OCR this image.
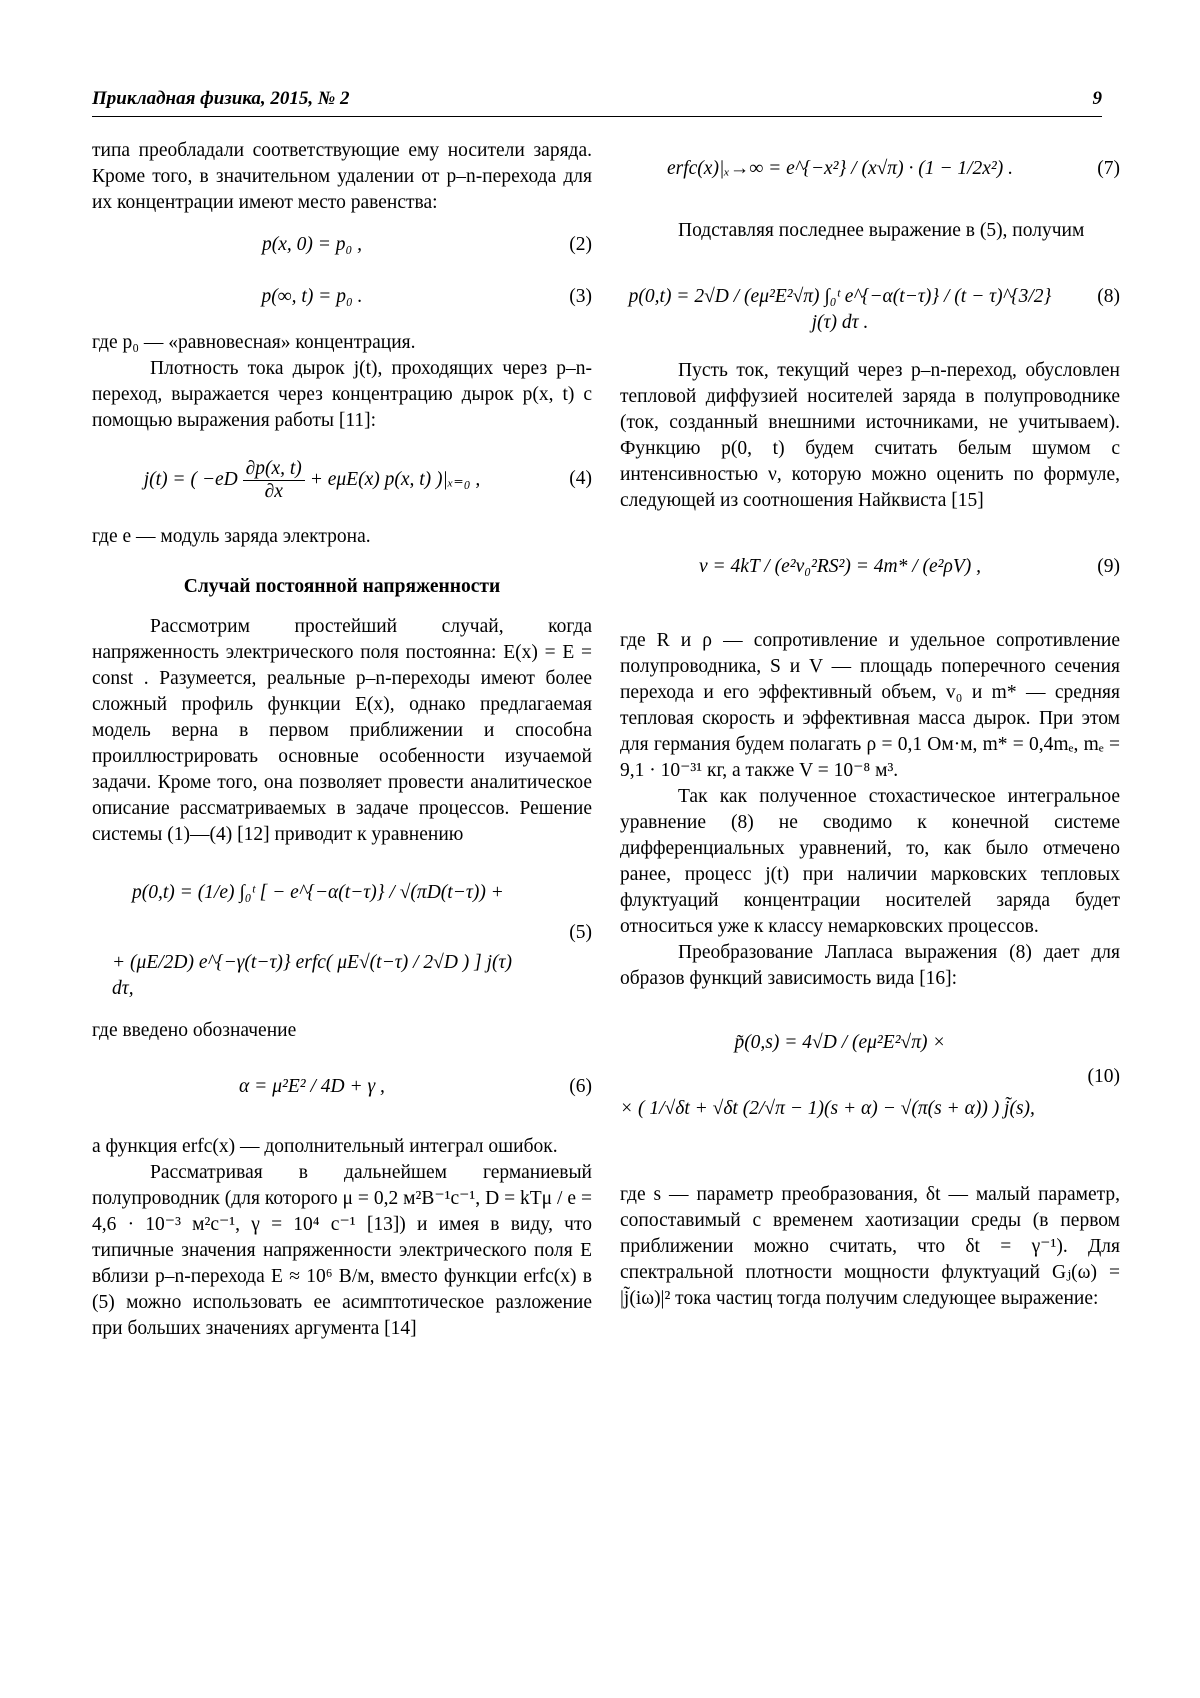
Прикладная физика, 2015, № 2	9

типа преобладали соответствующие ему носители заряда. Кроме того, в значительном удалении от p–n-перехода для их концентрации имеют место равенства:

p(x, 0) = p₀ ,	(2)
p(∞, t) = p₀ .	(3)

где p₀ — «равновесная» концентрация.

Плотность тока дырок j(t), проходящих через p–n-переход, выражается через концентрацию дырок p(x, t) с помощью выражения работы [11]:

j(t) = ( $-eD \frac{\partial p(x, t)}{\partial x} + e\mu E(x)$ p(x, t) )|ₓ₌₀ ,	(4)

где e — модуль заряда электрона.

Случай постоянной напряженности

Рассмотрим простейший случай, когда напряженность электрического поля постоянна: E(x) = E = const . Разумеется, реальные p–n-переходы имеют более сложный профиль функции E(x), однако предлагаемая модель верна в первом приближении и способна проиллюстрировать основные особенности изучаемой задачи. Кроме того, она позволяет провести аналитическое описание рассматриваемых в задаче процессов. Решение системы (1)—(4) [12] приводит к уравнению

p(0,t) = (1/e) ∫₀ᵗ [ − e^{−α(t−τ)} / √(πD(t−τ)) +
+ (μE/2D) e^{−γ(t−τ)} erfc( μE√(t−τ) / 2√D ) ] j(τ) dτ,
(5)

где введено обозначение

α = μ²E² / 4D + γ ,	(6)

а функция erfc(x) — дополнительный интеграл ошибок.

Рассматривая в дальнейшем германиевый полупроводник (для которого μ = 0,2 м²В⁻¹с⁻¹, D = kTμ / e = 4,6 · 10⁻³ м²с⁻¹, γ = 10⁴ с⁻¹ [13]) и имея в виду, что типичные значения напряженности электрического поля E вблизи p–n-перехода E ≈ 10⁶ В/м, вместо функции erfc(x) в (5) можно использовать ее асимптотическое разложение при больших значениях аргумента [14]

erfc(x)|ₓ→∞ = e^{−x²} / (x√π) · (1 − 1/2x²) .	(7)

Подставляя последнее выражение в (5), получим

p(0,t) = 2√D / (eμ²E²√π) ∫₀ᵗ e^{−α(t−τ)} / (t − τ)^{3/2} j(τ) dτ .
(8)

Пусть ток, текущий через p–n-переход, обусловлен тепловой диффузией носителей заряда в полупроводнике (ток, созданный внешними источниками, не учитываем). Функцию p(0, t) будем считать белым шумом с интенсивностью ν, которую можно оценить по формуле, следующей из соотношения Найквиста [15]

ν = 4kT / (e²v₀²RS²) = 4m* / (e²ρV) ,	(9)

где R и ρ — сопротивление и удельное сопротивление полупроводника, S и V — площадь поперечного сечения перехода и его эффективный объем, v₀ и m* — средняя тепловая скорость и эффективная масса дырок. При этом для германия будем полагать ρ = 0,1 Ом·м, m* = 0,4mₑ, mₑ = 9,1 · 10⁻³¹ кг, а также V = 10⁻⁸ м³.

Так как полученное стохастическое интегральное уравнение (8) не сводимо к конечной системе дифференциальных уравнений, то, как было отмечено ранее, процесс j(t) при наличии марковских тепловых флуктуаций концентрации носителей заряда будет относиться уже к классу немарковских процессов.

Преобразование Лапласа выражения (8) дает для образов функций зависимость вида [16]:

p̃(0,s) = 4√D / (eμ²E²√π) ×
× ( 1/√δt + √δt (2/√π − 1)(s + α) − √(π(s + α)) ) j̃(s),
(10)

где s — параметр преобразования, δt — малый параметр, сопоставимый с временем хаотизации среды (в первом приближении можно считать, что δt = γ⁻¹). Для спектральной плотности мощности флуктуаций Gⱼ(ω) = |j̃(iω)|² тока частиц тогда получим следующее выражение:
